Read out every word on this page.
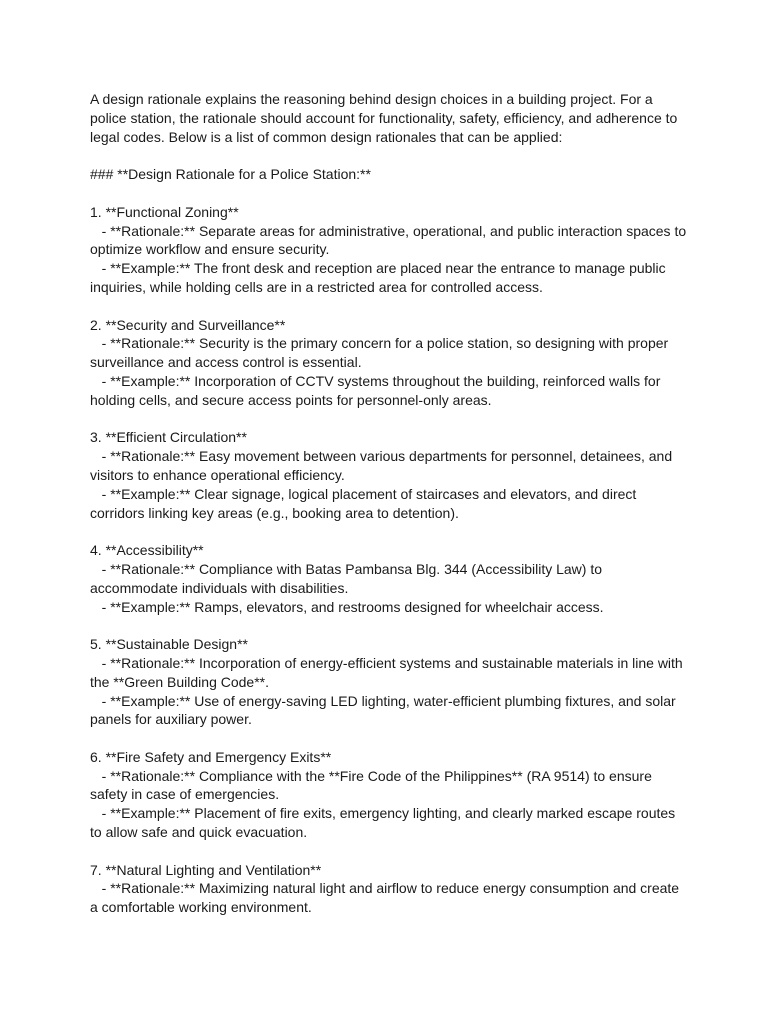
A design rationale explains the reasoning behind design choices in a building project. For a police station, the rationale should account for functionality, safety, efficiency, and adherence to legal codes. Below is a list of common design rationales that can be applied:

### **Design Rationale for a Police Station:**

1. **Functional Zoning**

- **Rationale:** Separate areas for administrative, operational, and public interaction spaces to optimize workflow and ensure security.

- **Example:** The front desk and reception are placed near the entrance to manage public inquiries, while holding cells are in a restricted area for controlled access.

2. **Security and Surveillance**

- **Rationale:** Security is the primary concern for a police station, so designing with proper surveillance and access control is essential.

- **Example:** Incorporation of CCTV systems throughout the building, reinforced walls for holding cells, and secure access points for personnel-only areas.

3. **Efficient Circulation**

- **Rationale:** Easy movement between various departments for personnel, detainees, and visitors to enhance operational efficiency.

- **Example:** Clear signage, logical placement of staircases and elevators, and direct corridors linking key areas (e.g., booking area to detention).

4. **Accessibility**

- **Rationale:** Compliance with Batas Pambansa Blg. 344 (Accessibility Law) to accommodate individuals with disabilities.

- **Example:** Ramps, elevators, and restrooms designed for wheelchair access.

5. **Sustainable Design**

- **Rationale:** Incorporation of energy-efficient systems and sustainable materials in line with the **Green Building Code**.

- **Example:** Use of energy-saving LED lighting, water-efficient plumbing fixtures, and solar panels for auxiliary power.

6. **Fire Safety and Emergency Exits**

- **Rationale:** Compliance with the **Fire Code of the Philippines** (RA 9514) to ensure safety in case of emergencies.

- **Example:** Placement of fire exits, emergency lighting, and clearly marked escape routes to allow safe and quick evacuation.

7. **Natural Lighting and Ventilation**

- **Rationale:** Maximizing natural light and airflow to reduce energy consumption and create a comfortable working environment.
